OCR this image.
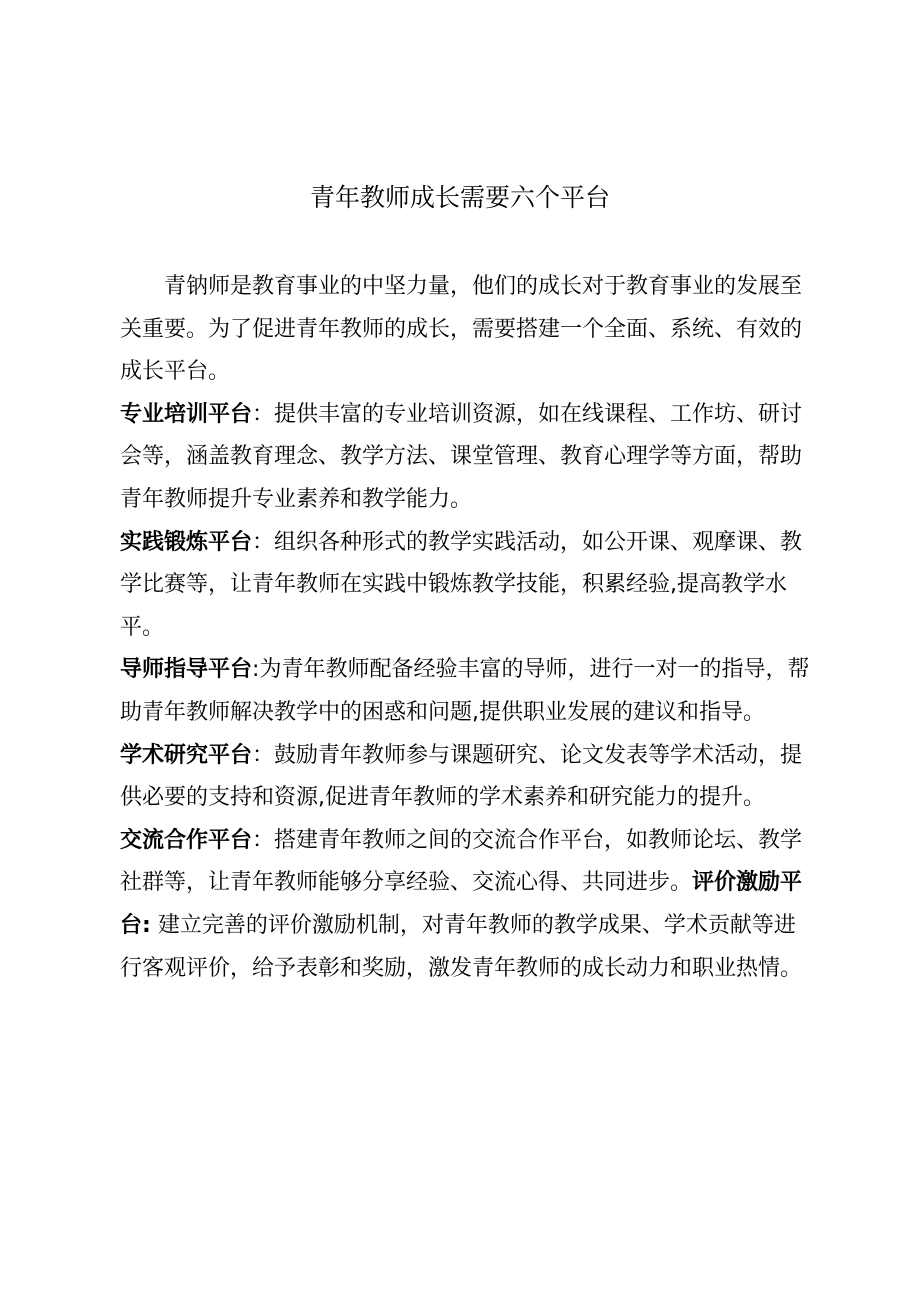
青年教师成长需要六个平台

青钠师是教育事业的中坚力量，他们的成长对于教育事业的发展至关重要。为了促进青年教师的成长，需要搭建一个全面、系统、有效的成长平台。

专业培训平台：提供丰富的专业培训资源，如在线课程、工作坊、研讨会等，涵盖教育理念、教学方法、课堂管理、教育心理学等方面，帮助青年教师提升专业素养和教学能力。

实践锻炼平台：组织各种形式的教学实践活动，如公开课、观摩课、教学比赛等，让青年教师在实践中锻炼教学技能，积累经验,提高教学水平。

导师指导平台:为青年教师配备经验丰富的导师，进行一对一的指导，帮助青年教师解决教学中的困惑和问题,提供职业发展的建议和指导。

学术研究平台：鼓励青年教师参与课题研究、论文发表等学术活动，提供必要的支持和资源,促进青年教师的学术素养和研究能力的提升。

交流合作平台：搭建青年教师之间的交流合作平台，如教师论坛、教学社群等，让青年教师能够分享经验、交流心得、共同进步。评价激励平台: 建立完善的评价激励机制，对青年教师的教学成果、学术贡献等进行客观评价，给予表彰和奖励，激发青年教师的成长动力和职业热情。
